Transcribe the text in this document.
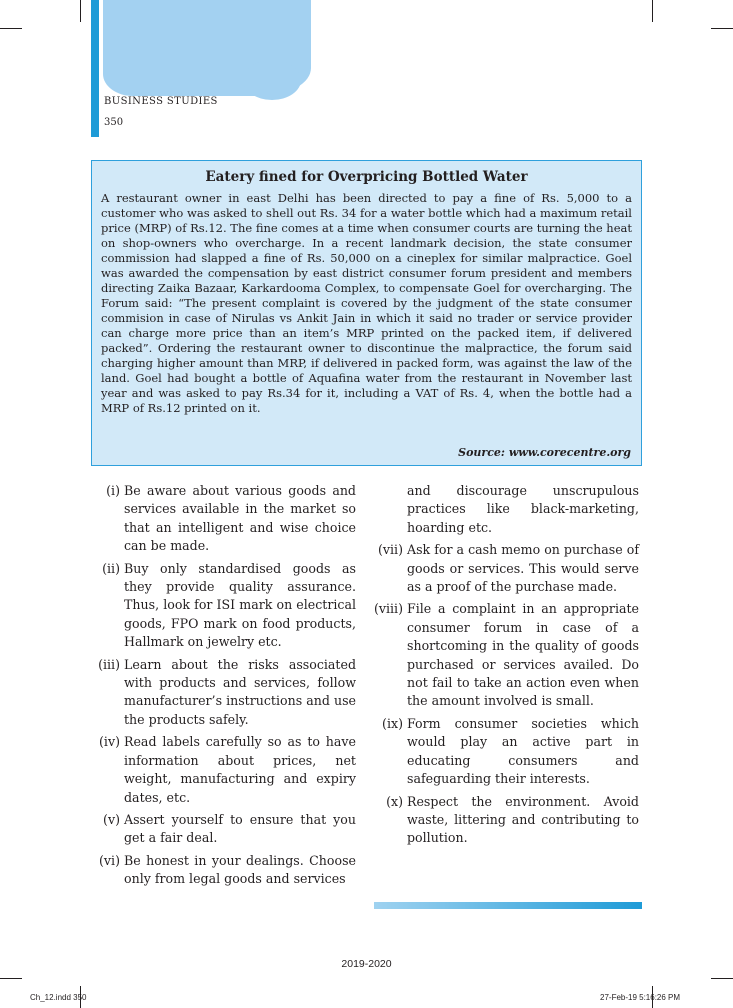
BUSINESS STUDIES
350
Eatery fined for Overpricing Bottled Water

A restaurant owner in east Delhi has been directed to pay a fine of Rs. 5,000 to a customer who was asked to shell out Rs. 34 for a water bottle which had a maximum retail price (MRP) of Rs.12. The fine comes at a time when consumer courts are turning the heat on shop-owners who overcharge. In a recent landmark decision, the state consumer commission had slapped a fine of Rs. 50,000 on a cineplex for similar malpractice. Goel was awarded the compensation by east district consumer forum president and members directing Zaika Bazaar, Karkardooma Complex, to compensate Goel for overcharging. The Forum said: “The present complaint is covered by the judgment of the state consumer commision in case of Nirulas vs Ankit Jain in which it said no trader or service provider can charge more price than an item’s MRP printed on the packed item, if delivered packed”. Ordering the restaurant owner to discontinue the malpractice, the forum said charging higher amount than MRP, if delivered in packed form, was against the law of the land. Goel had bought a bottle of Aquafina water from the restaurant in November last year and was asked to pay Rs.34 for it, including a VAT of Rs. 4, when the bottle had a MRP of Rs.12 printed on it.

Source: www.corecentre.org
(i) Be aware about various goods and services available in the market so that an intelligent and wise choice can be made.
(ii) Buy only standardised goods as they provide quality assurance. Thus, look for ISI mark on electrical goods, FPO mark on food products, Hallmark on jewelry etc.
(iii) Learn about the risks associated with products and services, follow manufacturer’s instructions and use the products safely.
(iv) Read labels carefully so as to have information about prices, net weight, manufacturing and expiry dates, etc.
(v) Assert yourself to ensure that you get a fair deal.
(vi) Be honest in your dealings. Choose only from legal goods and services
and discourage unscrupulous practices like black-marketing, hoarding etc.
(vii) Ask for a cash memo on purchase of goods or services. This would serve as a proof of the purchase made.
(viii) File a complaint in an appropriate consumer forum in case of a shortcoming in the quality of goods purchased or services availed. Do not fail to take an action even when the amount involved is small.
(ix) Form consumer societies which would play an active part in educating consumers and safeguarding their interests.
(x) Respect the environment. Avoid waste, littering and contributing to pollution.
2019-2020
Ch_12.indd 350	27-Feb-19 5:16:26 PM
